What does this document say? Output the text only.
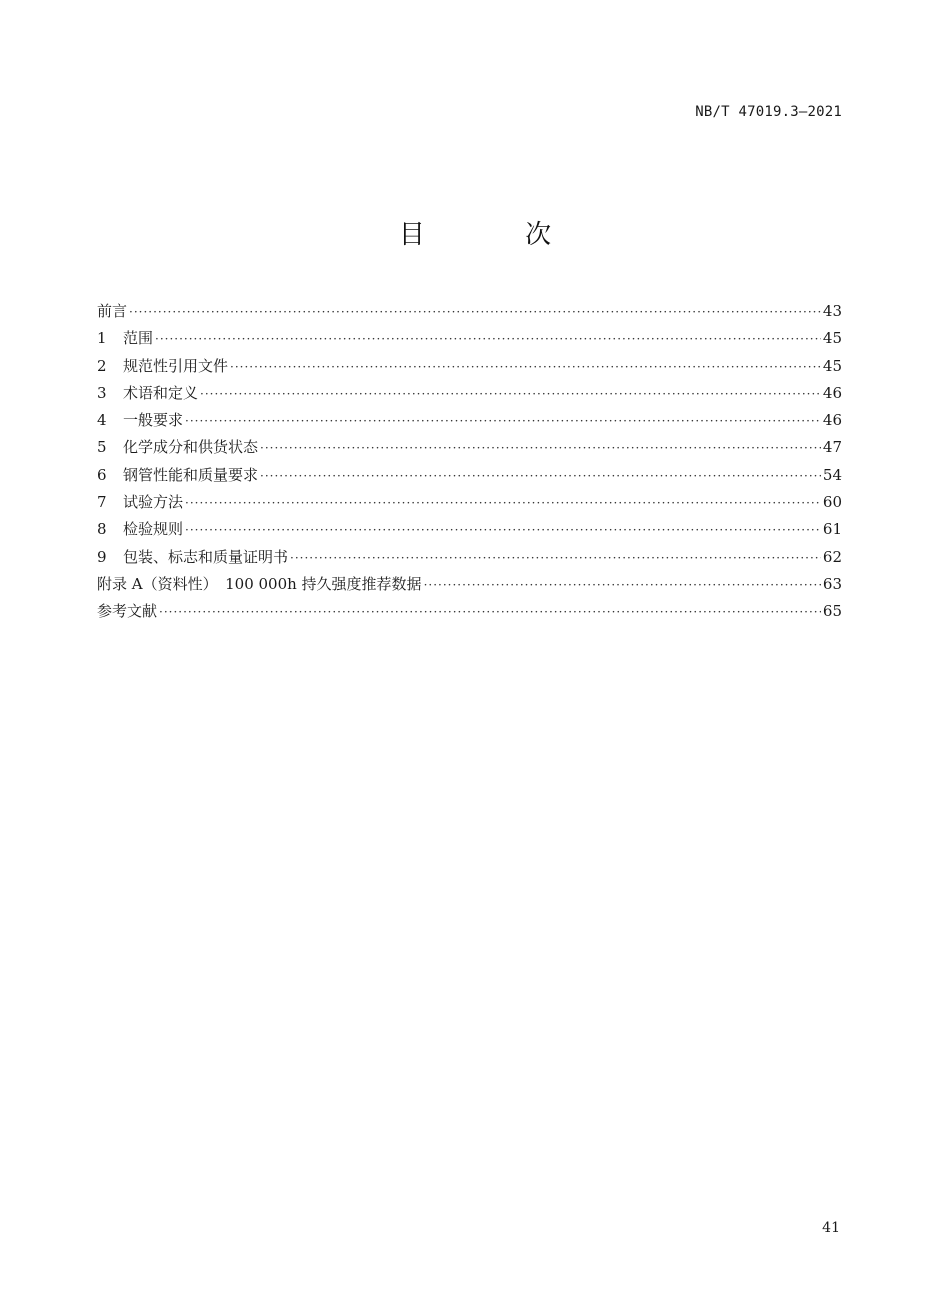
NB/T 47019.3—2021
目 次
前言 ·····	43
1	范围 ·····	45
2	规范性引用文件 ·····	45
3	术语和定义 ·····	46
4	一般要求 ·····	46
5	化学成分和供货状态 ·····	47
6	钢管性能和质量要求 ·····	54
7	试验方法 ·····	60
8	检验规则 ·····	61
9	包装、标志和质量证明书 ·····	62
附录 A（资料性）　100 000h 持久强度推荐数据 ·····	63
参考文献 ·····	65
41
